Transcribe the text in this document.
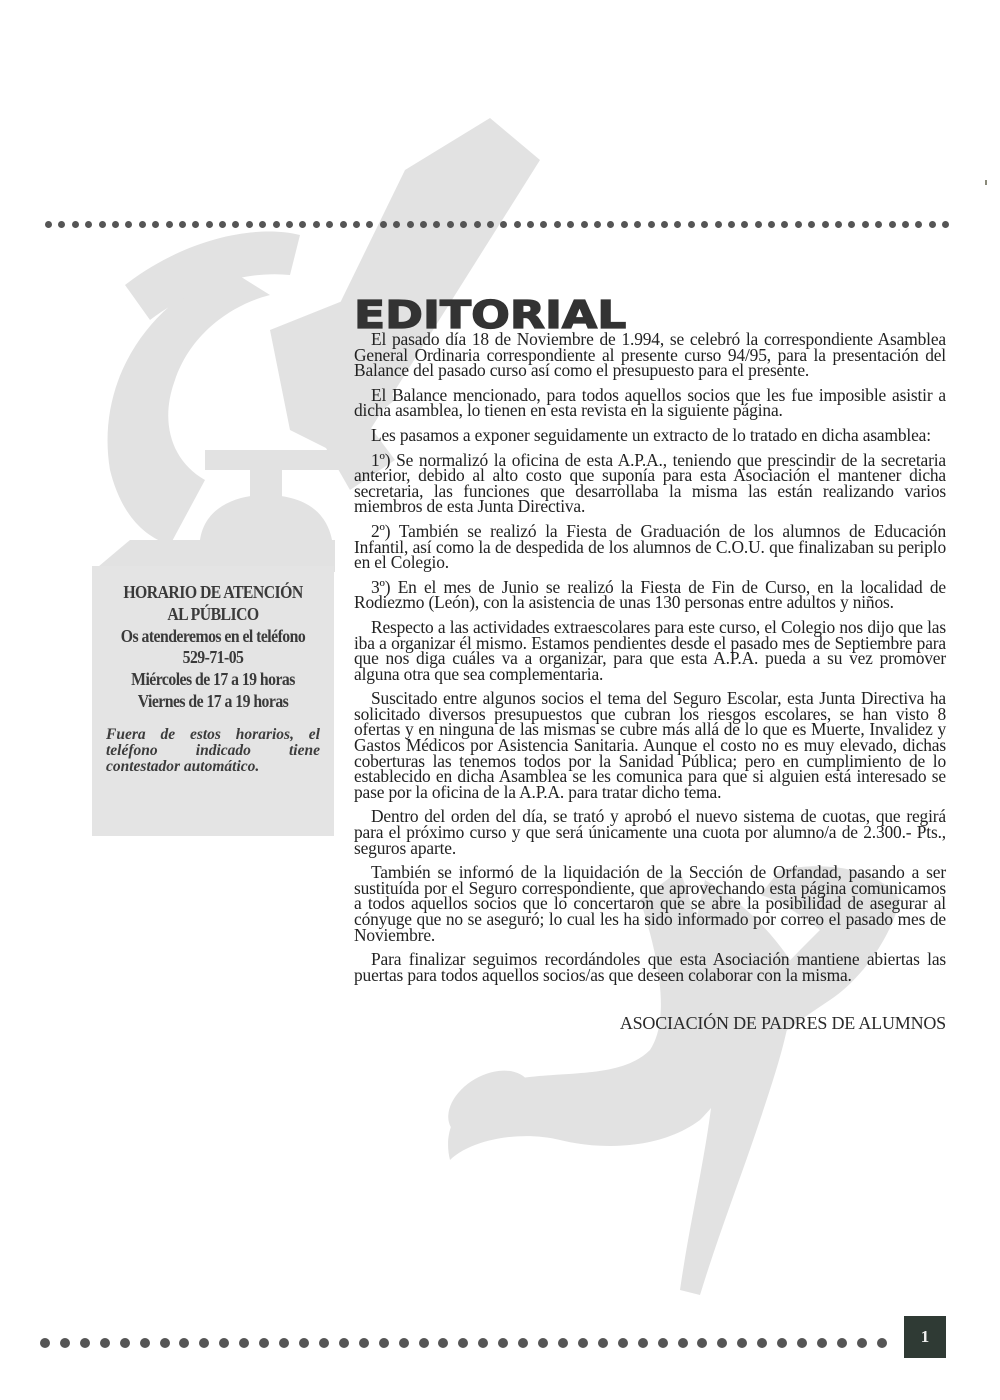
1
HORARIO DE ATENCIÓN
AL PÚBLICO
Os atenderemos en el teléfono
529-71-05
Miércoles de 17 a 19 horas
Viernes de 17 a 19 horas
Fuera de estos horarios, el teléfono indicado tiene contestador automático.
EDITORIAL

El pasado día 18 de Noviembre de 1.994, se celebró la correspondiente Asamblea General Ordinaria correspondiente al presente curso 94/95, para la presentación del Balance del pasado curso así como el presupuesto para el presente.

El Balance mencionado, para todos aquellos socios que les fue imposible asistir a dicha asamblea, lo tienen en esta revista en la siguiente página.

Les pasamos a exponer seguidamente un extracto de lo tratado en dicha asamblea:

1º) Se normalizó la oficina de esta A.P.A., teniendo que prescindir de la secretaria anterior, debido al alto costo que suponía para esta Asociación el mantener dicha secretaria, las funciones que desarrollaba la misma las están realizando varios miembros de esta Junta Directiva.

2º) También se realizó la Fiesta de Graduación de los alumnos de Educación Infantil, así como la de despedida de los alumnos de C.O.U. que finalizaban su periplo en el Colegio.

3º) En el mes de Junio se realizó la Fiesta de Fin de Curso, en la localidad de Rodiezmo (León), con la asistencia de unas 130 personas entre adultos y niños.

Respecto a las actividades extraescolares para este curso, el Colegio nos dijo que las iba a organizar él mismo. Estamos pendientes desde el pasado mes de Septiembre para que nos diga cuáles va a organizar, para que esta A.P.A. pueda a su vez promover alguna otra que sea complementaria.

Suscitado entre algunos socios el tema del Seguro Escolar, esta Junta Directiva ha solicitado diversos presupuestos que cubran los riesgos escolares, se han visto 8 ofertas y en ninguna de las mismas se cubre más allá de lo que es Muerte, Invalidez y Gastos Médicos por Asistencia Sanitaria. Aunque el costo no es muy elevado, dichas coberturas las tenemos todos por la Sanidad Pública; pero en cumplimiento de lo establecido en dicha Asamblea se les comunica para que si alguien está interesado se pase por la oficina de la A.P.A. para tratar dicho tema.

Dentro del orden del día, se trató y aprobó el nuevo sistema de cuotas, que regirá para el próximo curso y que será únicamente una cuota por alumno/a de 2.300.- Pts., seguros aparte.

También se informó de la liquidación de la Sección de Orfandad, pasando a ser sustituída por el Seguro correspondiente, que aprovechando esta página comunicamos a todos aquellos socios que lo concertaron que se abre la posibilidad de asegurar al cónyuge que no se aseguró; lo cual les ha sido informado por correo el pasado mes de Noviembre.

Para finalizar seguimos recordándoles que esta Asociación mantiene abiertas las puertas para todos aquellos socios/as que deseen colaborar con la misma.

ASOCIACIÓN DE PADRES DE ALUMNOS
